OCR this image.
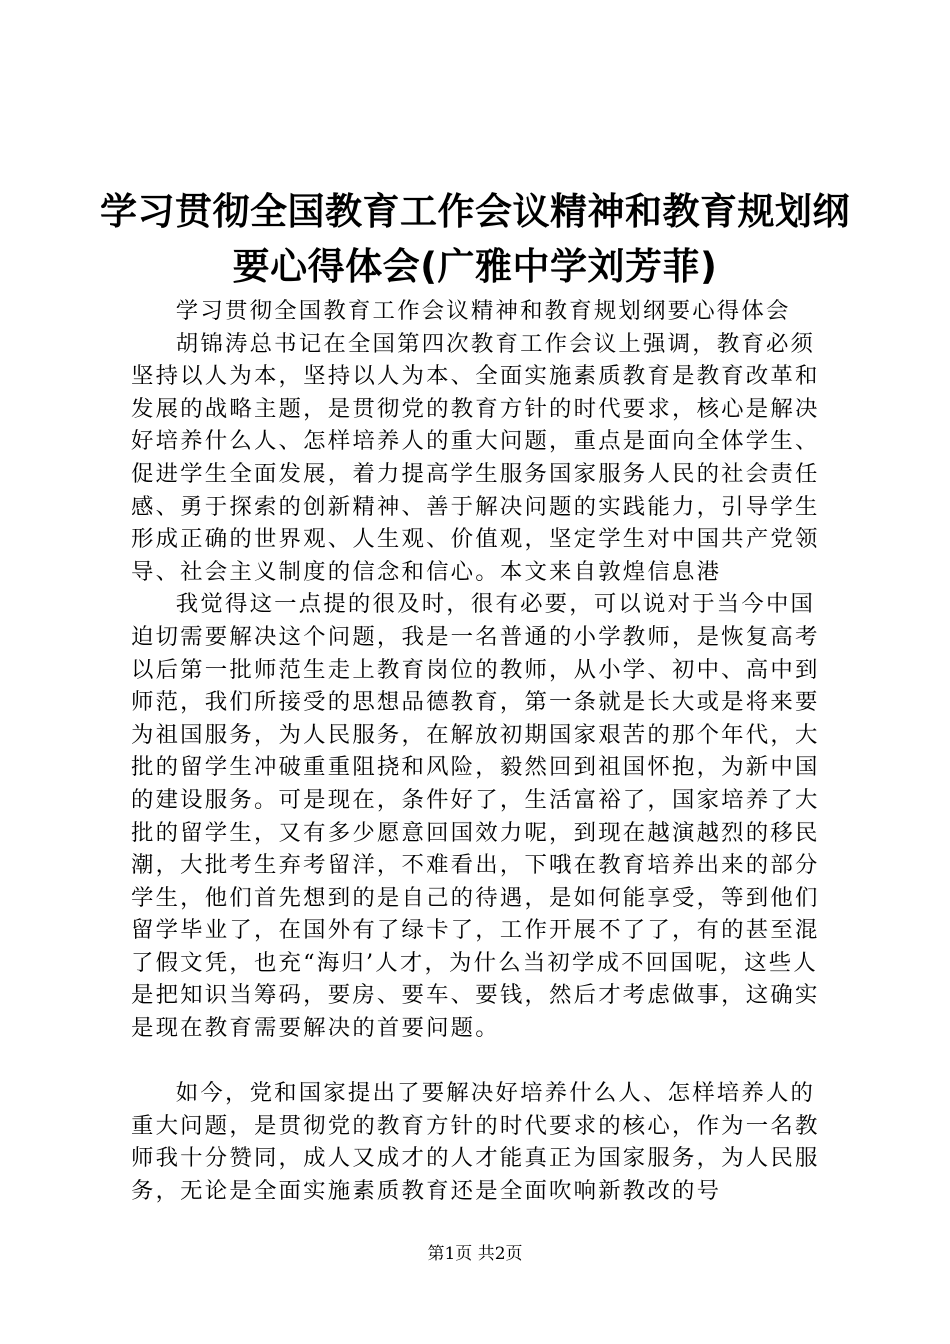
学习贯彻全国教育工作会议精神和教育规划纲
要心得体会(广雅中学刘芳菲)

学习贯彻全国教育工作会议精神和教育规划纲要心得体会

胡锦涛总书记在全国第四次教育工作会议上强调，教育必须坚持以人为本，坚持以人为本、全面实施素质教育是教育改革和发展的战略主题，是贯彻党的教育方针的时代要求，核心是解决好培养什么人、怎样培养人的重大问题，重点是面向全体学生、促进学生全面发展，着力提高学生服务国家服务人民的社会责任感、勇于探索的创新精神、善于解决问题的实践能力，引导学生形成正确的世界观、人生观、价值观，坚定学生对中国共产党领导、社会主义制度的信念和信心。本文来自敦煌信息港

我觉得这一点提的很及时，很有必要，可以说对于当今中国迫切需要解决这个问题，我是一名普通的小学教师，是恢复高考以后第一批师范生走上教育岗位的教师，从小学、初中、高中到师范，我们所接受的思想品德教育，第一条就是长大或是将来要为祖国服务，为人民服务，在解放初期国家艰苦的那个年代，大批的留学生冲破重重阻挠和风险，毅然回到祖国怀抱，为新中国的建设服务。可是现在，条件好了，生活富裕了，国家培养了大批的留学生，又有多少愿意回国效力呢，到现在越演越烈的移民潮，大批考生弃考留洋，不难看出，下哦在教育培养出来的部分学生，他们首先想到的是自己的待遇，是如何能享受，等到他们留学毕业了，在国外有了绿卡了，工作开展不了了，有的甚至混了假文凭，也充“海归’人才，为什么当初学成不回国呢，这些人是把知识当筹码，要房、要车、要钱，然后才考虑做事，这确实是现在教育需要解决的首要问题。

如今，党和国家提出了要解决好培养什么人、怎样培养人的重大问题，是贯彻党的教育方针的时代要求的核心，作为一名教师我十分赞同，成人又成才的人才能真正为国家服务，为人民服务，无论是全面实施素质教育还是全面吹响新教改的号

第1页 共2页
